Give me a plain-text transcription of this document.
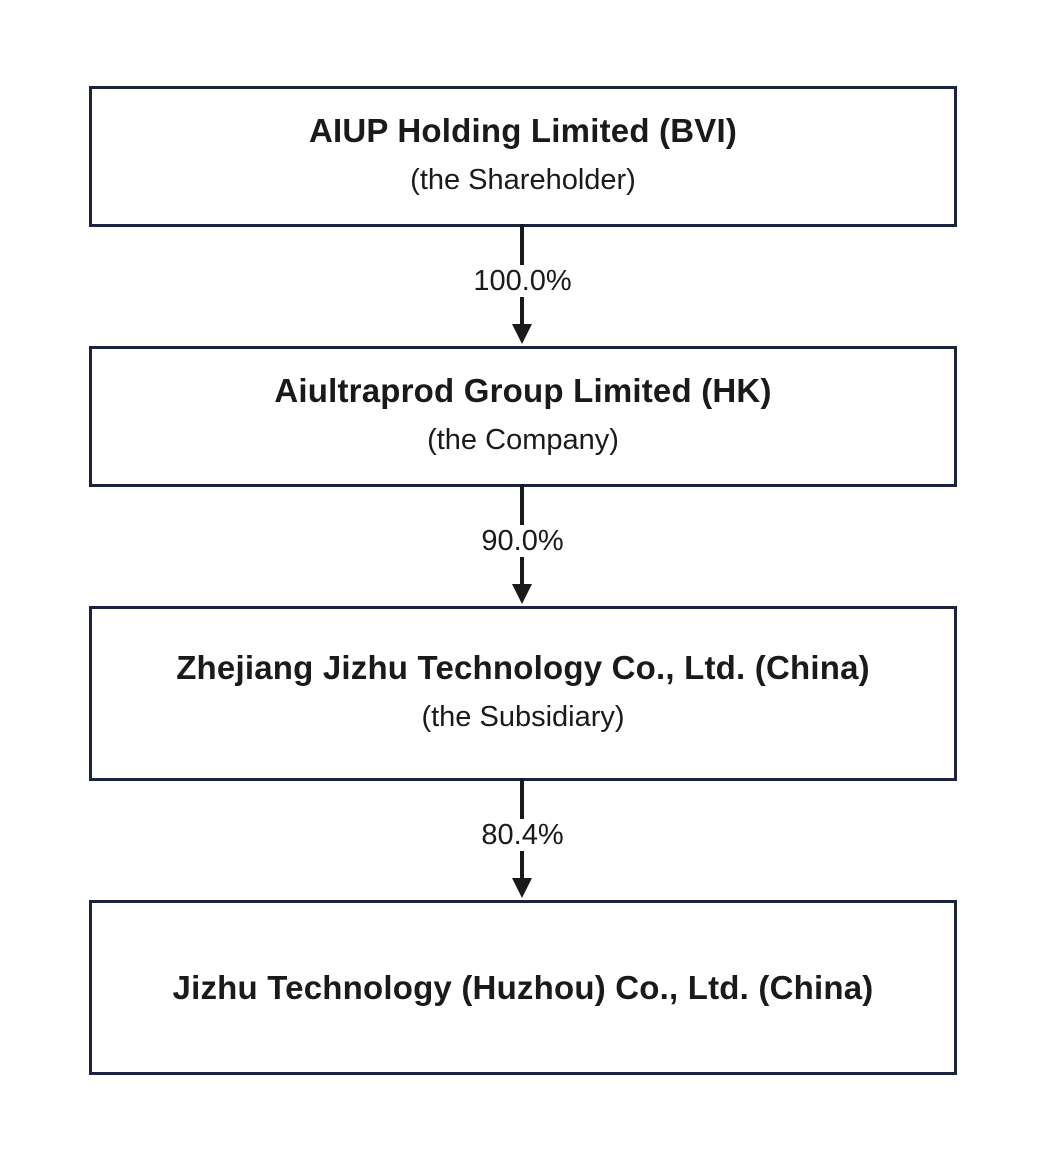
AIUP Holding Limited (BVI)
(the Shareholder)
Aiultraprod Group Limited (HK)
(the Company)
Zhejiang Jizhu Technology Co., Ltd. (China)
(the Subsidiary)
Jizhu Technology (Huzhou) Co., Ltd. (China)
100.0%
90.0%
80.4%
